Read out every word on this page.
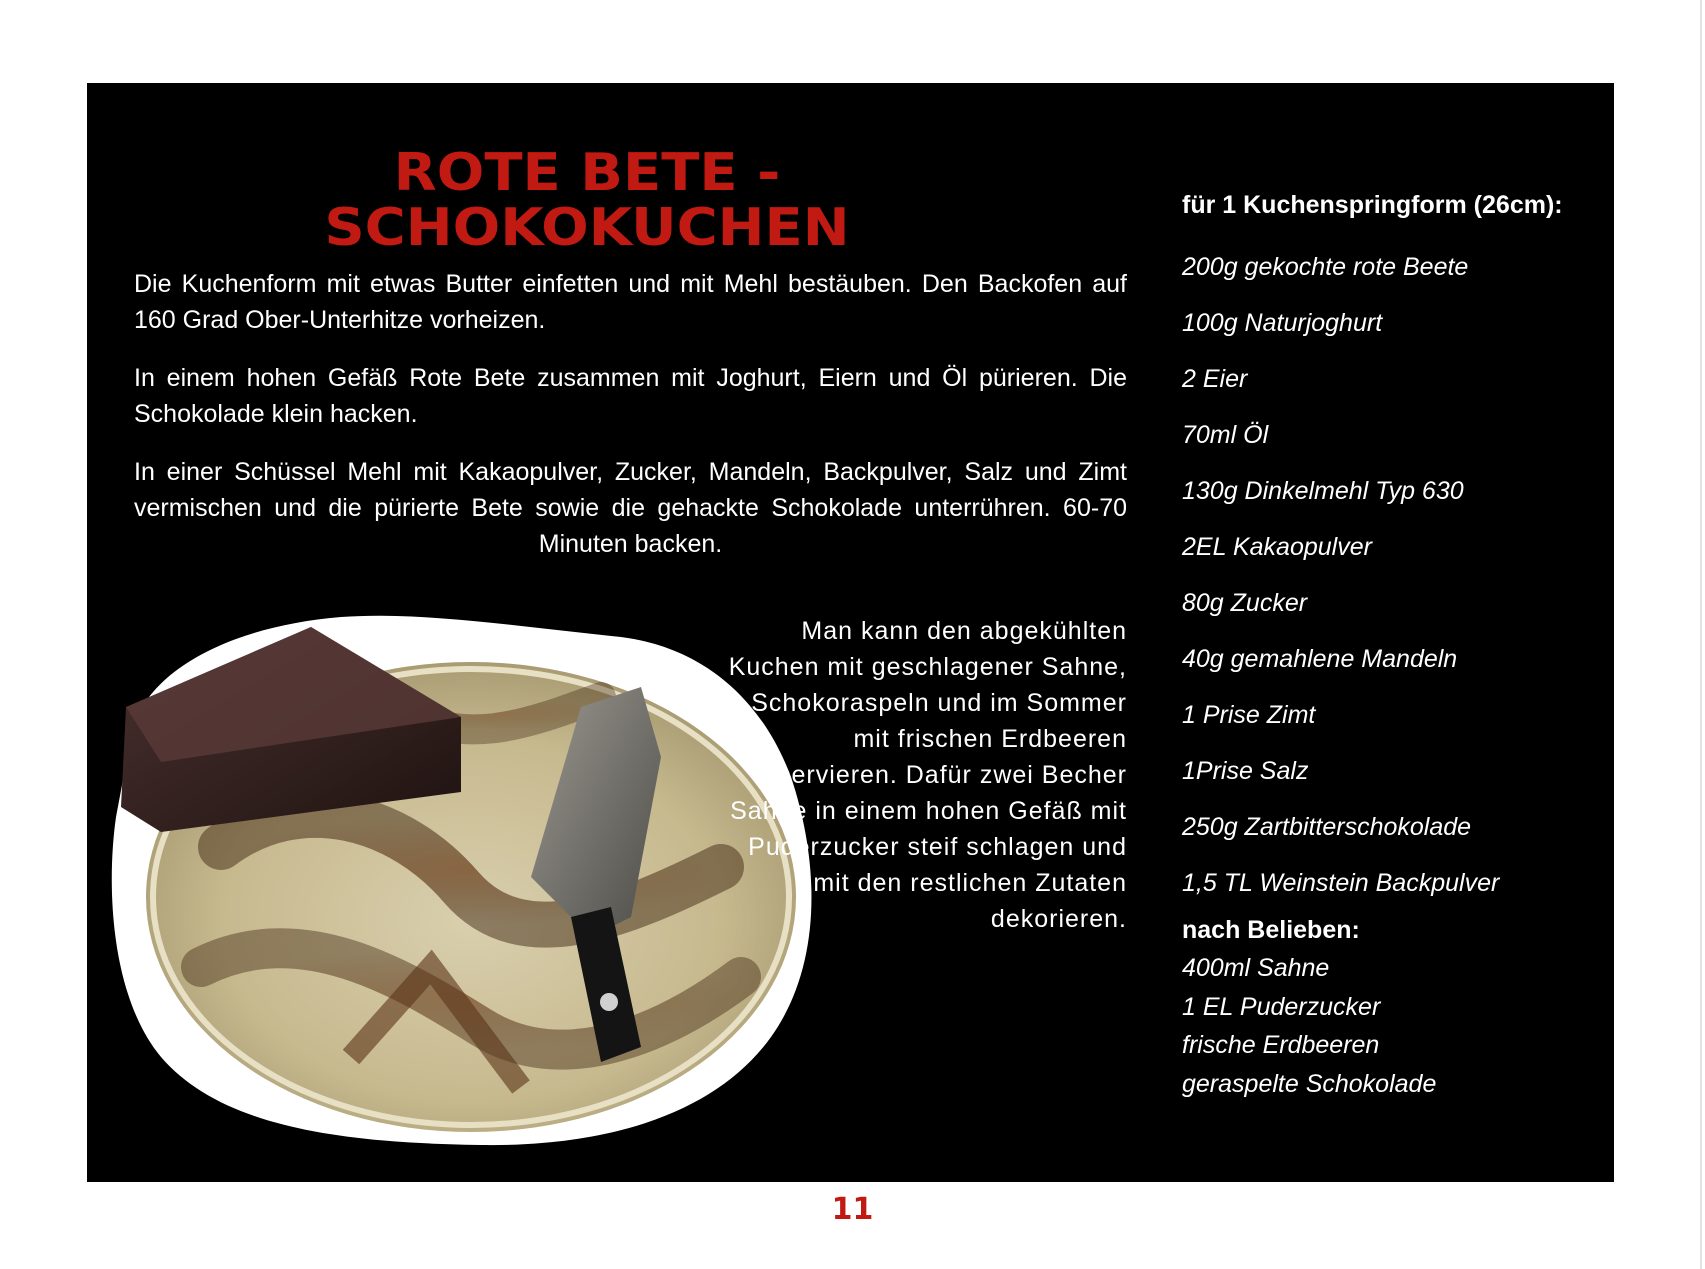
ROTE BETE - SCHOKOKUCHEN

Die Kuchenform mit etwas Butter einfetten und mit Mehl bestäuben. Den Backofen auf 160 Grad Ober-Unterhitze vorheizen.

In einem hohen Gefäß Rote Bete zusammen mit Joghurt, Eiern und Öl pürieren. Die Schokolade klein hacken.

In einer Schüssel Mehl mit Kakaopulver, Zucker, Mandeln, Backpulver, Salz und Zimt vermischen und die pürierte Bete sowie die gehackte Schokolade unterrühren. 60-70 Minuten backen.

Man kann den abgekühlten Kuchen mit geschlagener Sahne, Schokoraspeln und im Sommer mit frischen Erdbeeren servieren. Dafür zwei Becher Sahne in einem hohen Gefäß mit Puderzucker steif schlagen und mit den restlichen Zutaten dekorieren.

für 1 Kuchenspringform (26cm):

200g gekochte rote Beete
100g Naturjoghurt
2 Eier
70ml Öl
130g Dinkelmehl Typ 630
2EL Kakaopulver
80g Zucker
40g gemahlene Mandeln
1 Prise Zimt
1Prise Salz
250g Zartbitterschokolade
1,5 TL Weinstein Backpulver

nach Belieben:

400ml Sahne
1 EL Puderzucker
frische Erdbeeren
geraspelte Schokolade
11
